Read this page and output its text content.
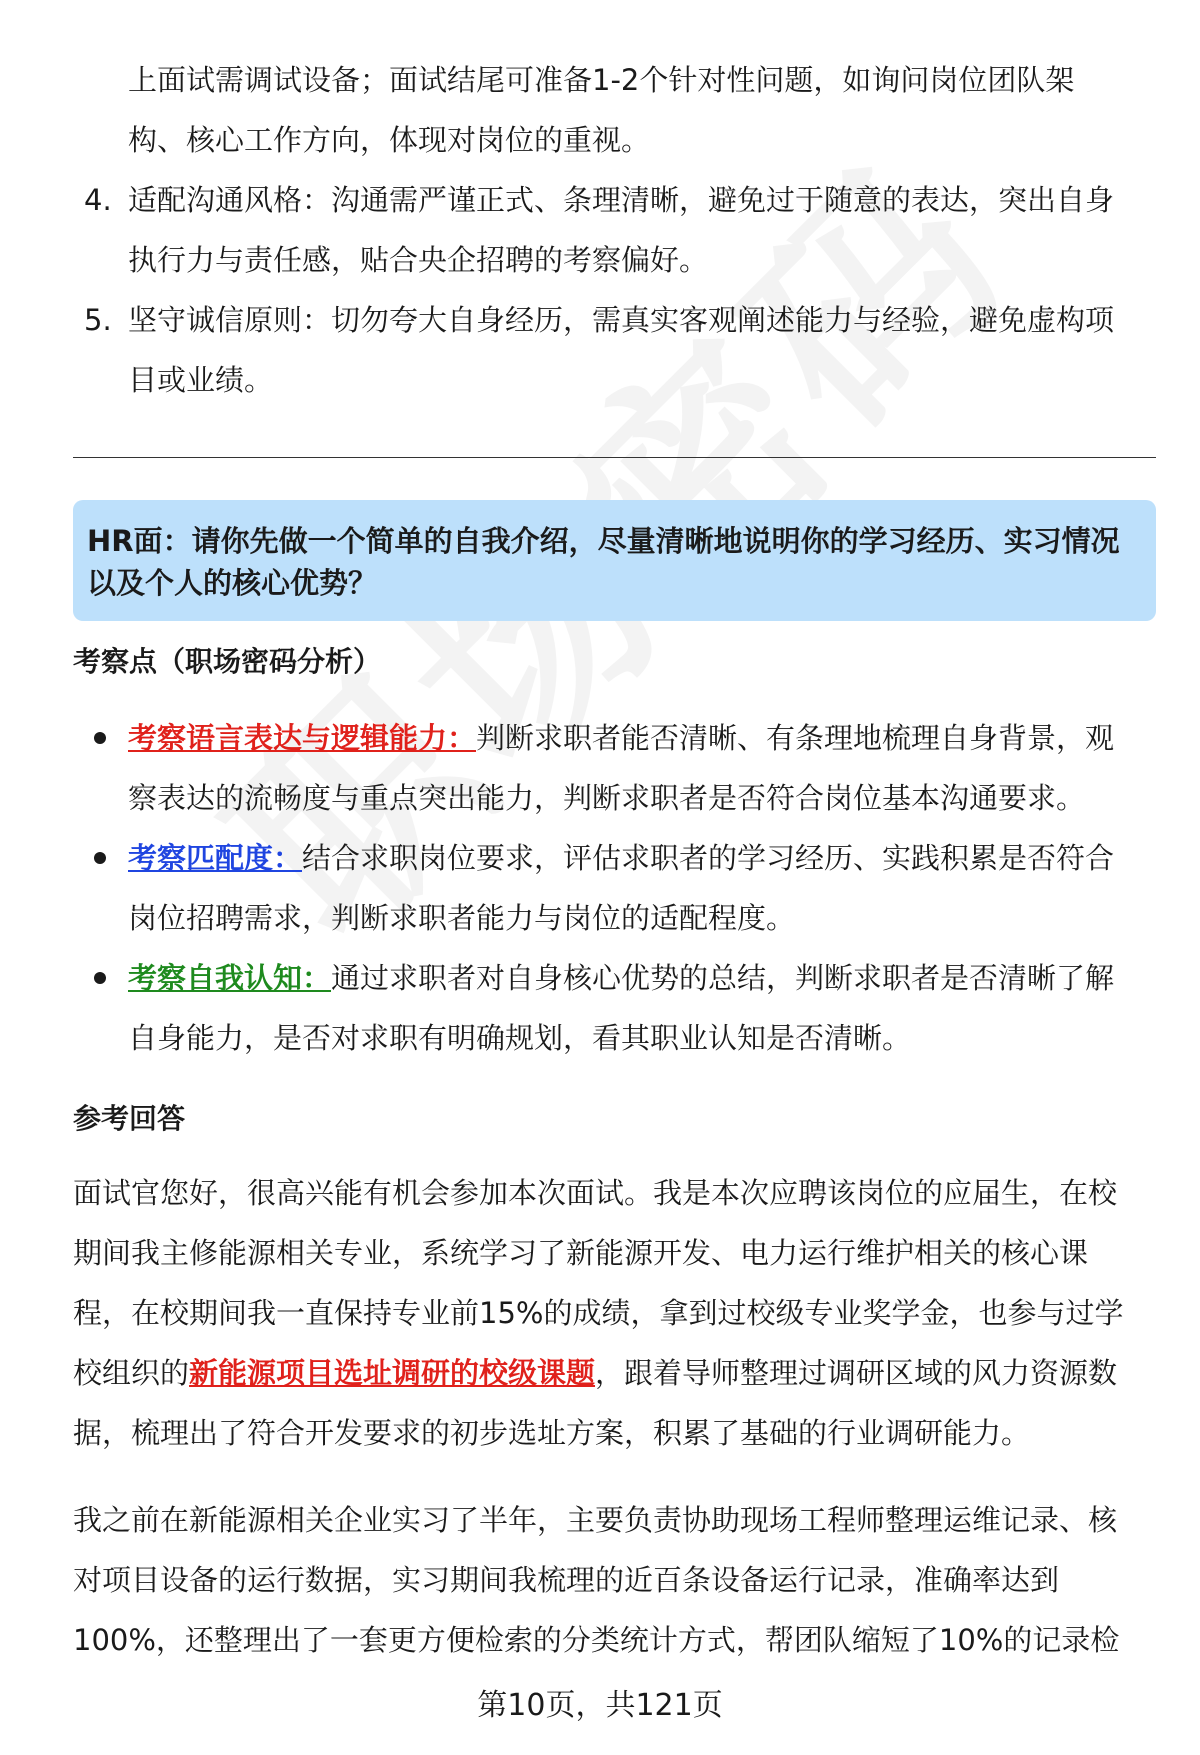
上面试需调试设备；面试结尾可准备1-2个针对性问题，如询问岗位团队架
构、核心工作方向，体现对岗位的重视。
4. 适配沟通风格：沟通需严谨正式、条理清晰，避免过于随意的表达，突出自身
执行力与责任感，贴合央企招聘的考察偏好。
5. 坚守诚信原则：切勿夸大自身经历，需真实客观阐述能力与经验，避免虚构项
目或业绩。
HR面：请你先做一个简单的自我介绍，尽量清晰地说明你的学习经历、实习情况以及个人的核心优势？
考察点（职场密码分析）
考察语言表达与逻辑能力：判断求职者能否清晰、有条理地梳理自身背景，观
察表达的流畅度与重点突出能力，判断求职者是否符合岗位基本沟通要求。
考察匹配度：结合求职岗位要求，评估求职者的学习经历、实践积累是否符合
岗位招聘需求，判断求职者能力与岗位的适配程度。
考察自我认知：通过求职者对自身核心优势的总结，判断求职者是否清晰了解
自身能力，是否对求职有明确规划，看其职业认知是否清晰。
参考回答
面试官您好，很高兴能有机会参加本次面试。我是本次应聘该岗位的应届生，在校
期间我主修能源相关专业，系统学习了新能源开发、电力运行维护相关的核心课
程，在校期间我一直保持专业前15%的成绩，拿到过校级专业奖学金，也参与过学
校组织的新能源项目选址调研的校级课题，跟着导师整理过调研区域的风力资源数
据，梳理出了符合开发要求的初步选址方案，积累了基础的行业调研能力。
我之前在新能源相关企业实习了半年，主要负责协助现场工程师整理运维记录、核
对项目设备的运行数据，实习期间我梳理的近百条设备运行记录，准确率达到
100%，还整理出了一套更方便检索的分类统计方式，帮团队缩短了10%的记录检
第10页，共121页
